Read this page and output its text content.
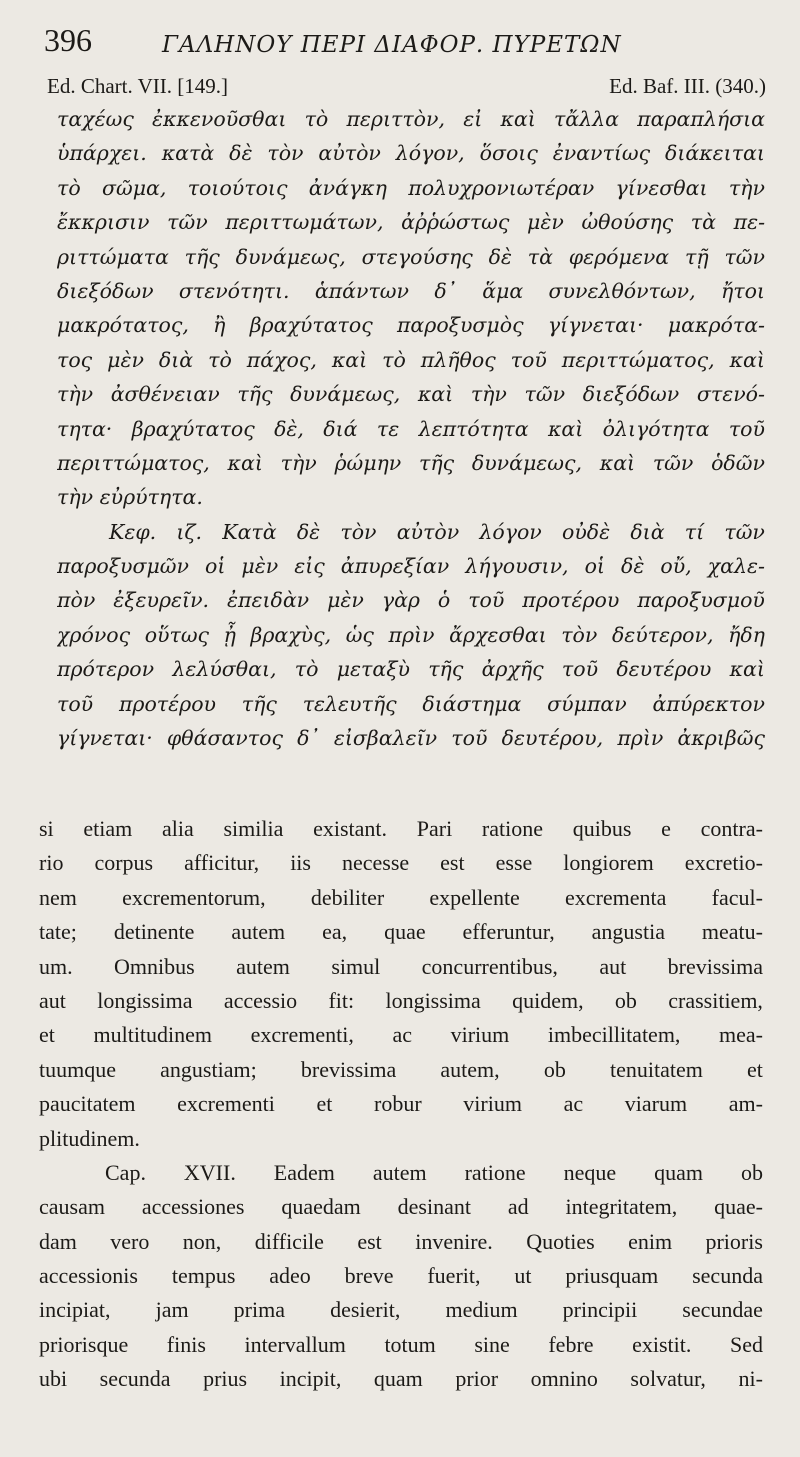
396	ΓΑΛΗΝΟΥ ΠΕΡΙ ΔΙΑΦΟΡ. ΠΥΡΕΤΩΝ
Ed. Chart. VII. [149.]	Ed. Baf. III. (340.)
ταχέως ἐκκενοῦσθαι τὸ περιττὸν, εἰ καὶ τἄλλα παραπλήσια
ὑπάρχει. κατὰ δὲ τὸν αὐτὸν λόγον, ὅσοις ἐναντίως διάκειται
τὸ σῶμα, τοιούτοις ἀνάγκη πολυχρονιωτέραν γίνεσθαι τὴν
ἔκκρισιν τῶν περιττωμάτων, ἀῤῥώστως μὲν ὠθούσης τὰ πε-
ριττώματα τῆς δυνάμεως, στεγούσης δὲ τὰ φερόμενα τῇ τῶν
διεξόδων στενότητι. ἁπάντων δ᾽ ἅμα συνελθόντων, ἤτοι
μακρότατος, ἢ βραχύτατος παροξυσμὸς γίγνεται· μακρότα-
τος μὲν διὰ τὸ πάχος, καὶ τὸ πλῆθος τοῦ περιττώματος, καὶ
τὴν ἀσθένειαν τῆς δυνάμεως, καὶ τὴν τῶν διεξόδων στενό-
τητα· βραχύτατος δὲ, διά τε λεπτότητα καὶ ὀλιγότητα τοῦ
περιττώματος, καὶ τὴν ῥώμην τῆς δυνάμεως, καὶ τῶν ὁδῶν
τὴν εὐρύτητα.
Κεφ. ιζ. Κατὰ δὲ τὸν αὐτὸν λόγον οὐδὲ διὰ τί τῶν
παροξυσμῶν οἱ μὲν εἰς ἀπυρεξίαν λήγουσιν, οἱ δὲ οὔ, χαλε-
πὸν ἐξευρεῖν. ἐπειδὰν μὲν γὰρ ὁ τοῦ προτέρου παροξυσμοῦ
χρόνος οὕτως ᾖ βραχὺς, ὡς πρὶν ἄρχεσθαι τὸν δεύτερον, ἤδη
πρότερον λελύσθαι, τὸ μεταξὺ τῆς ἀρχῆς τοῦ δευτέρου καὶ
τοῦ προτέρου τῆς τελευτῆς διάστημα σύμπαν ἀπύρεκτον
γίγνεται· φθάσαντος δ᾽ εἰσβαλεῖν τοῦ δευτέρου, πρὶν ἀκριβῶς
si etiam alia similia existant. Pari ratione quibus e contra-
rio corpus afficitur, iis necesse est esse longiorem excretio-
nem excrementorum, debiliter expellente excrementa facul-
tate; detinente autem ea, quae efferuntur, angustia meatu-
um. Omnibus autem simul concurrentibus, aut brevissima
aut longissima accessio fit: longissima quidem, ob crassitiem,
et multitudinem excrementi, ac virium imbecillitatem, mea-
tuumque angustiam; brevissima autem, ob tenuitatem et
paucitatem excrementi et robur virium ac viarum am-
plitudinem.
Cap. XVII. Eadem autem ratione neque quam ob
causam accessiones quaedam desinant ad integritatem, quae-
dam vero non, difficile est invenire. Quoties enim prioris
accessionis tempus adeo breve fuerit, ut priusquam secunda
incipiat, jam prima desierit, medium principii secundae
priorisque finis intervallum totum sine febre existit. Sed
ubi secunda prius incipit, quam prior omnino solvatur, ni-
